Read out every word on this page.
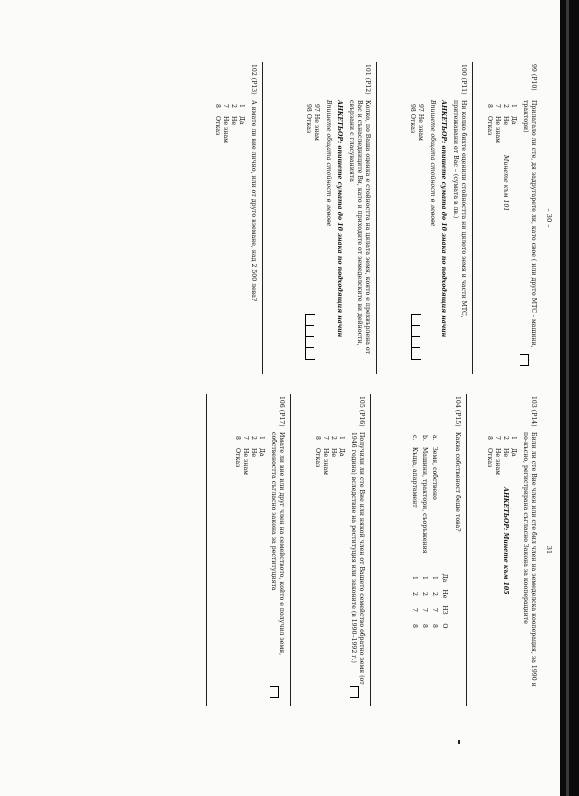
– 30 –
99 (P10)Прилагало ли сте, дя задругарете ли, като свое ( или друго МТС - машини, трактори)
1 Да
2 НеМинете към 101
7 Не знам
8 Отказ
100 (P11)Ни колко бихте оценили стойността ни цялото земя и части МТС, притежавани от Вас – (сумата в лв.)
АНКЕТЬОР: впишете сумата до 10 знака по подходящия начин
Впишете общата стойност в левове
97 Не знам
98 Отказ
101 (P12)Колко, по Ваша оценка е стойността на цялата земя, която е прехвърлена от Вас и сънаследниците Ви, като и приходите от земеделските ви дейности, свързани с гласуванията
АНКЕТЬОР: впишете сумата до 10 знака по подходящия начин
Впишете общата стойност в левове
97 Не знам
98 Отказ
102 (P13)А имате ли вие лично, или от друго вземане, над 2 500 лева?
1 Да
2 Не
7 Не знам
8 Отказ
31
103 (P14)Били ли сте Вие член или сте бил член на земеделска кооперация, за 1990 и по-късно, регистрирана съгласно Закона за кооперациите
1 Да
2 НеАНКЕТЬОР: Минете към 105
7 Не знам
8 Отказ
104 (P15)Каква собственост беше това?
		Да	Не	НЗ	О
а.	Земя, собствено	1	2	7	8
b.	Машини, трактори, съоръжения	1	2	7	8
c.	Къща, апартамент	1	2	7	8
105 (P16)Получили ли сте Вие или някой член от Вашето семейство обратно земя (от 1946 година) вследствие на реституция или законите (в 1990–1992 г.)
1 Да
2 Не
7 Не знам
8 Отказ
106 (P17)Имате ли вие или друг член на семейството, който е получил земя, собствеността съгласно закона за реституцията
1 Да
2 Не
7 Не знам
8 Отказ
